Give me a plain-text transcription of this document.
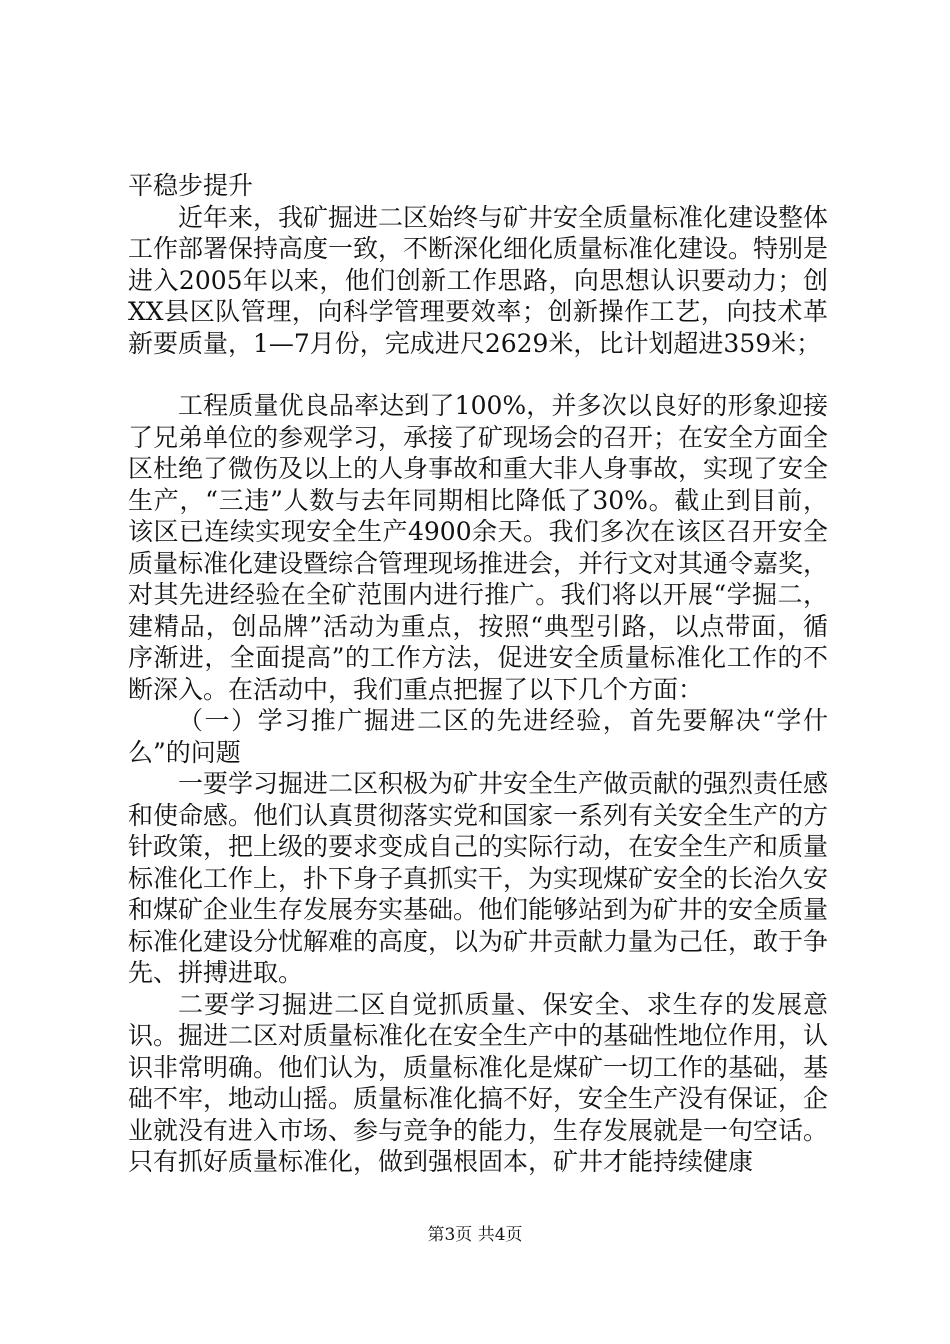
平稳步提升

近年来，我矿掘进二区始终与矿井安全质量标准化建设整体工作部署保持高度一致，不断深化细化质量标准化建设。特别是进入2005年以来，他们创新工作思路，向思想认识要动力；创XX县区队管理，向科学管理要效率；创新操作工艺，向技术革新要质量，1—7月份，完成进尺2629米，比计划超进359米；

工程质量优良品率达到了100%，并多次以良好的形象迎接了兄弟单位的参观学习，承接了矿现场会的召开；在安全方面全区杜绝了微伤及以上的人身事故和重大非人身事故，实现了安全生产，“三违”人数与去年同期相比降低了30%。截止到目前，该区已连续实现安全生产4900余天。我们多次在该区召开安全质量标准化建设暨综合管理现场推进会，并行文对其通令嘉奖，对其先进经验在全矿范围内进行推广。我们将以开展“学掘二，建精品，创品牌”活动为重点，按照“典型引路，以点带面，循序渐进，全面提高”的工作方法，促进安全质量标准化工作的不断深入。在活动中，我们重点把握了以下几个方面：

（一）学习推广掘进二区的先进经验，首先要解决“学什么”的问题

一要学习掘进二区积极为矿井安全生产做贡献的强烈责任感和使命感。他们认真贯彻落实党和国家一系列有关安全生产的方针政策，把上级的要求变成自己的实际行动，在安全生产和质量标准化工作上，扑下身子真抓实干，为实现煤矿安全的长治久安和煤矿企业生存发展夯实基础。他们能够站到为矿井的安全质量标准化建设分忧解难的高度，以为矿井贡献力量为己任，敢于争先、拼搏进取。

二要学习掘进二区自觉抓质量、保安全、求生存的发展意识。掘进二区对质量标准化在安全生产中的基础性地位作用，认识非常明确。他们认为，质量标准化是煤矿一切工作的基础，基础不牢，地动山摇。质量标准化搞不好，安全生产没有保证，企业就没有进入市场、参与竞争的能力，生存发展就是一句空话。只有抓好质量标准化，做到强根固本，矿井才能持续健康

第3页 共4页
